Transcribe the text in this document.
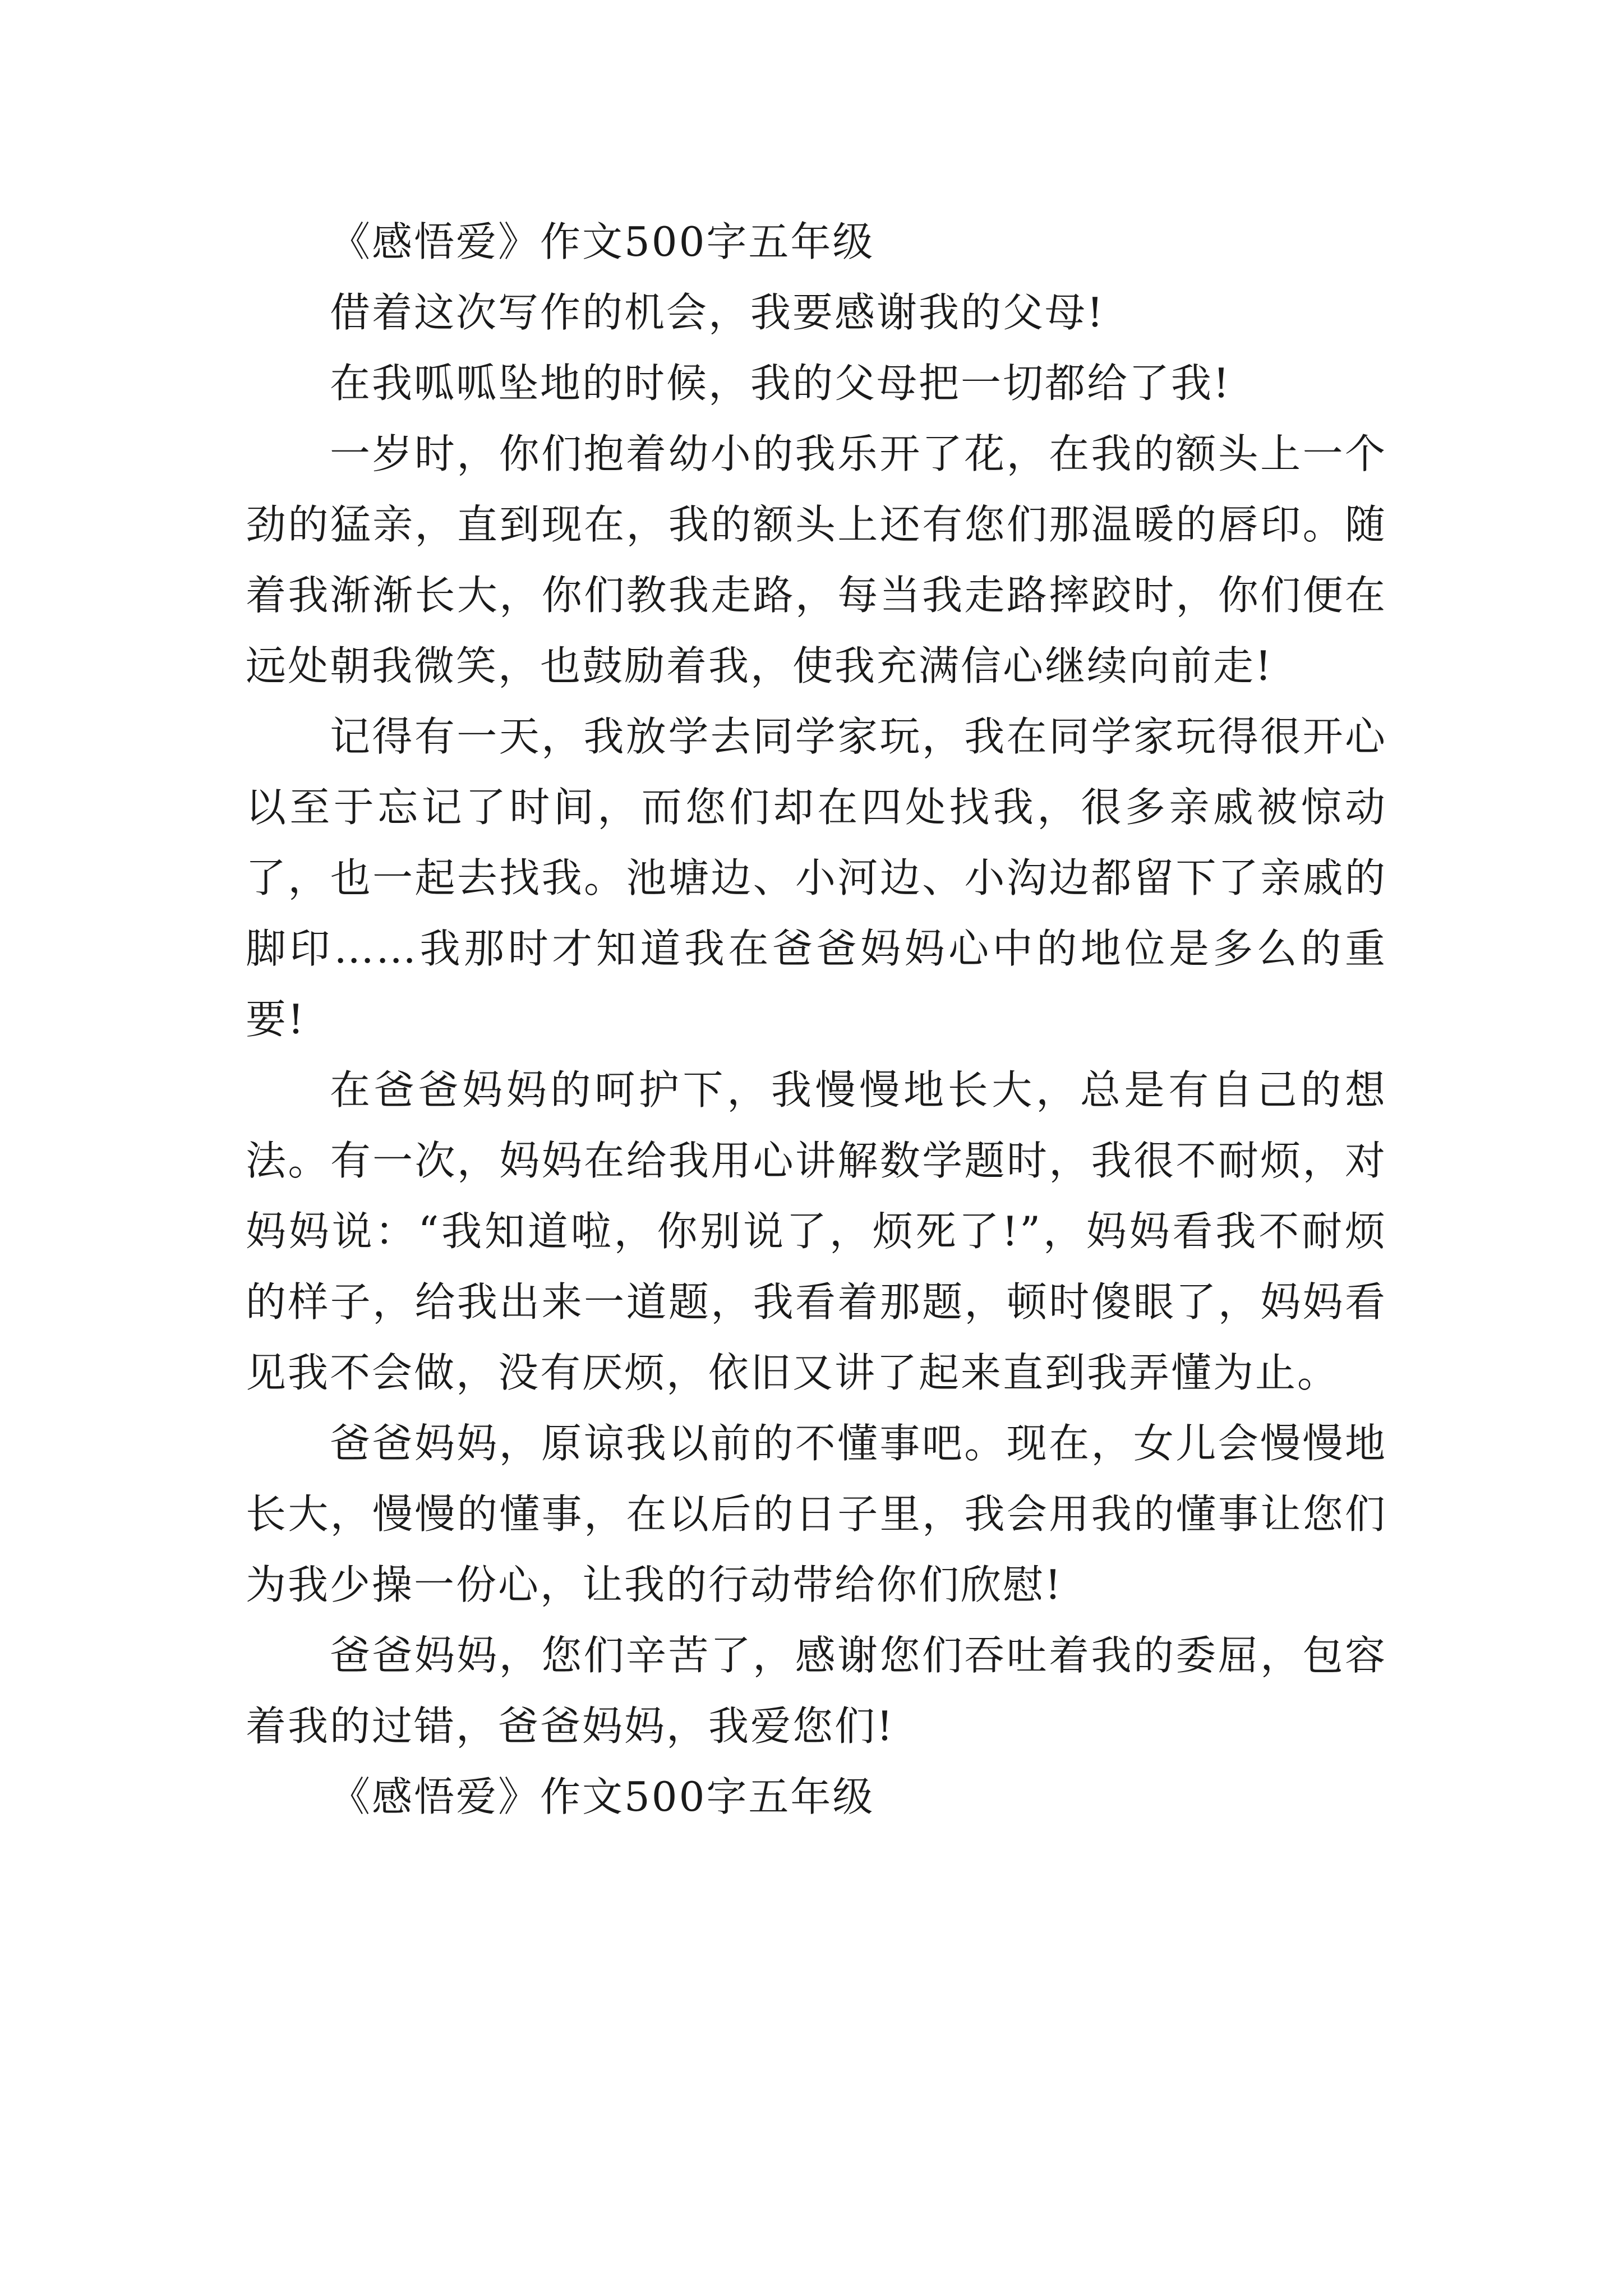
《感悟爱》作文500字五年级

借着这次写作的机会，我要感谢我的父母!

在我呱呱坠地的时候，我的父母把一切都给了我!

一岁时，你们抱着幼小的我乐开了花，在我的额头上一个劲的猛亲，直到现在，我的额头上还有您们那温暖的唇印。随着我渐渐长大，你们教我走路，每当我走路摔跤时，你们便在远处朝我微笑，也鼓励着我，使我充满信心继续向前走!

记得有一天，我放学去同学家玩，我在同学家玩得很开心以至于忘记了时间，而您们却在四处找我，很多亲戚被惊动了，也一起去找我。池塘边、小河边、小沟边都留下了亲戚的脚印……我那时才知道我在爸爸妈妈心中的地位是多么的重要!

在爸爸妈妈的呵护下，我慢慢地长大，总是有自己的想法。有一次，妈妈在给我用心讲解数学题时，我很不耐烦，对妈妈说：“我知道啦，你别说了，烦死了!”，妈妈看我不耐烦的样子，给我出来一道题，我看着那题，顿时傻眼了，妈妈看见我不会做，没有厌烦，依旧又讲了起来直到我弄懂为止。

爸爸妈妈，原谅我以前的不懂事吧。现在，女儿会慢慢地长大，慢慢的懂事，在以后的日子里，我会用我的懂事让您们为我少操一份心，让我的行动带给你们欣慰!

爸爸妈妈，您们辛苦了，感谢您们吞吐着我的委屈，包容着我的过错，爸爸妈妈，我爱您们!

《感悟爱》作文500字五年级
